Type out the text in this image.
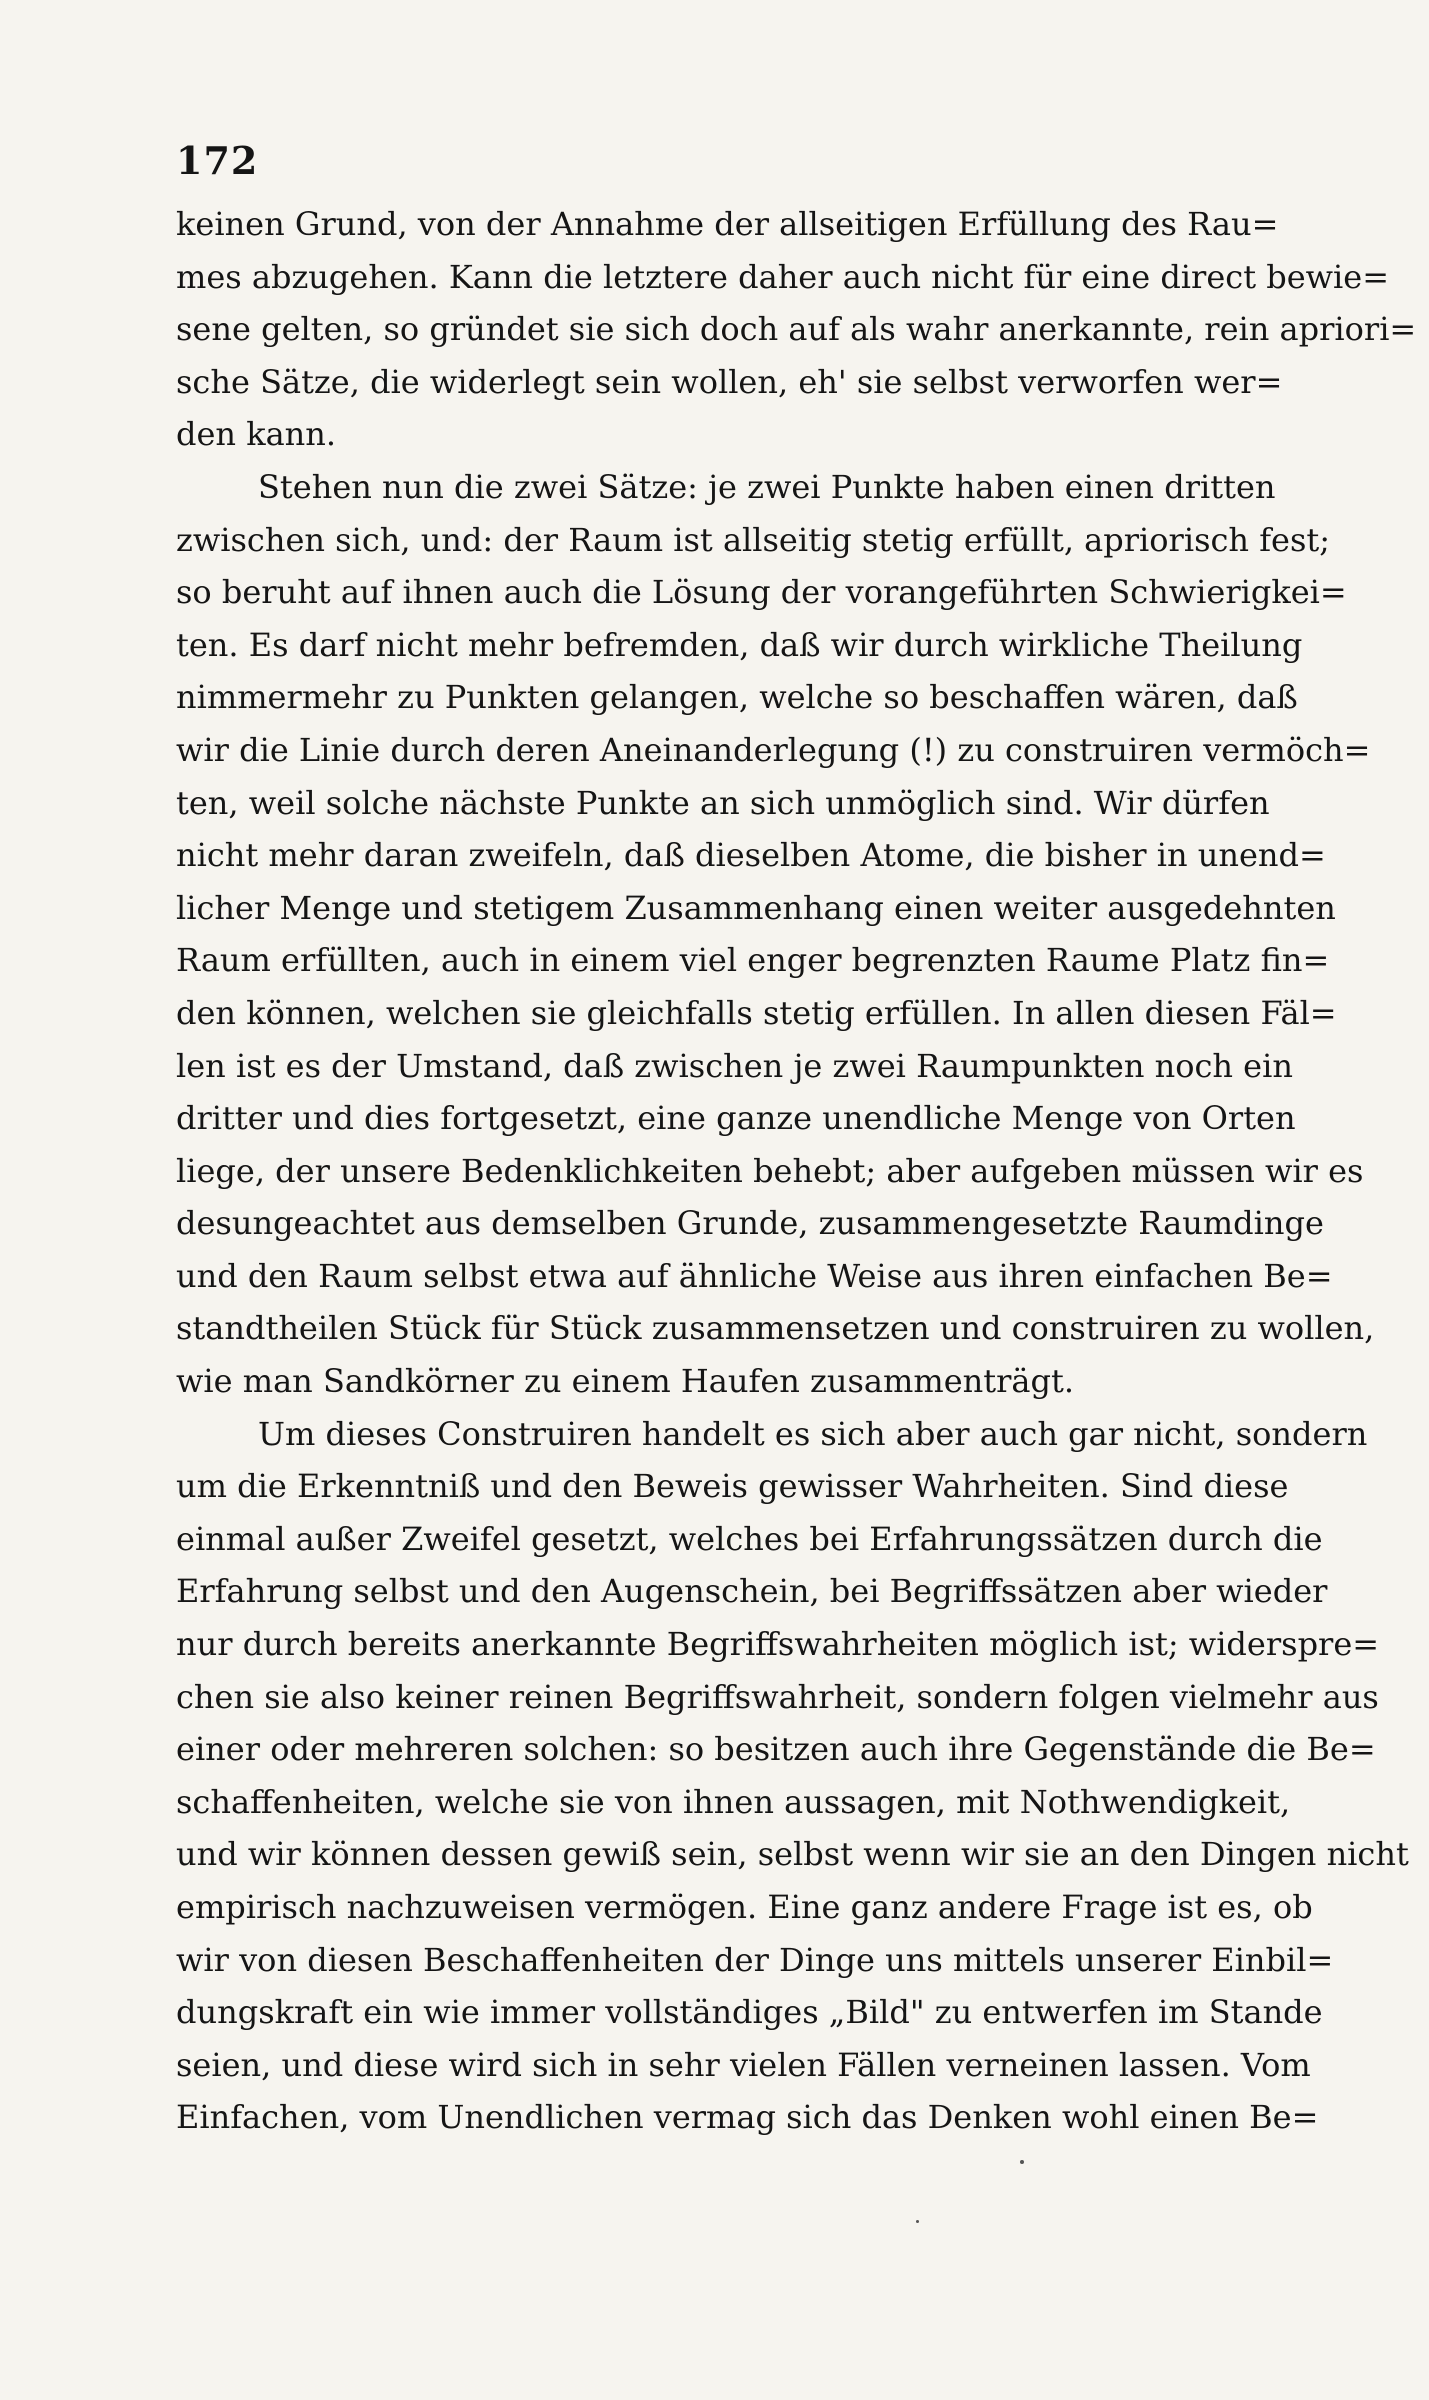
172
keinen Grund, von der Annahme der allseitigen Erfüllung des Rau=
mes abzugehen. Kann die letztere daher auch nicht für eine direct bewie=
sene gelten, so gründet sie sich doch auf als wahr anerkannte, rein apriori=
sche Sätze, die widerlegt sein wollen, eh' sie selbst verworfen wer=
den kann.
Stehen nun die zwei Sätze: je zwei Punkte haben einen dritten
zwischen sich, und: der Raum ist allseitig stetig erfüllt, apriorisch fest;
so beruht auf ihnen auch die Lösung der vorangeführten Schwierigkei=
ten. Es darf nicht mehr befremden, daß wir durch wirkliche Theilung
nimmermehr zu Punkten gelangen, welche so beschaffen wären, daß
wir die Linie durch deren Aneinanderlegung (!) zu construiren vermöch=
ten, weil solche nächste Punkte an sich unmöglich sind. Wir dürfen
nicht mehr daran zweifeln, daß dieselben Atome, die bisher in unend=
licher Menge und stetigem Zusammenhang einen weiter ausgedehnten
Raum erfüllten, auch in einem viel enger begrenzten Raume Platz fin=
den können, welchen sie gleichfalls stetig erfüllen. In allen diesen Fäl=
len ist es der Umstand, daß zwischen je zwei Raumpunkten noch ein
dritter und dies fortgesetzt, eine ganze unendliche Menge von Orten
liege, der unsere Bedenklichkeiten behebt; aber aufgeben müssen wir es
desungeachtet aus demselben Grunde, zusammengesetzte Raumdinge
und den Raum selbst etwa auf ähnliche Weise aus ihren einfachen Be=
standtheilen Stück für Stück zusammensetzen und construiren zu wollen,
wie man Sandkörner zu einem Haufen zusammenträgt.
Um dieses Construiren handelt es sich aber auch gar nicht, sondern
um die Erkenntniß und den Beweis gewisser Wahrheiten. Sind diese
einmal außer Zweifel gesetzt, welches bei Erfahrungssätzen durch die
Erfahrung selbst und den Augenschein, bei Begriffssätzen aber wieder
nur durch bereits anerkannte Begriffswahrheiten möglich ist; widerspre=
chen sie also keiner reinen Begriffswahrheit, sondern folgen vielmehr aus
einer oder mehreren solchen: so besitzen auch ihre Gegenstände die Be=
schaffenheiten, welche sie von ihnen aussagen, mit Nothwendigkeit,
und wir können dessen gewiß sein, selbst wenn wir sie an den Dingen nicht
empirisch nachzuweisen vermögen. Eine ganz andere Frage ist es, ob
wir von diesen Beschaffenheiten der Dinge uns mittels unserer Einbil=
dungskraft ein wie immer vollständiges „Bild" zu entwerfen im Stande
seien, und diese wird sich in sehr vielen Fällen verneinen lassen. Vom
Einfachen, vom Unendlichen vermag sich das Denken wohl einen Be=
